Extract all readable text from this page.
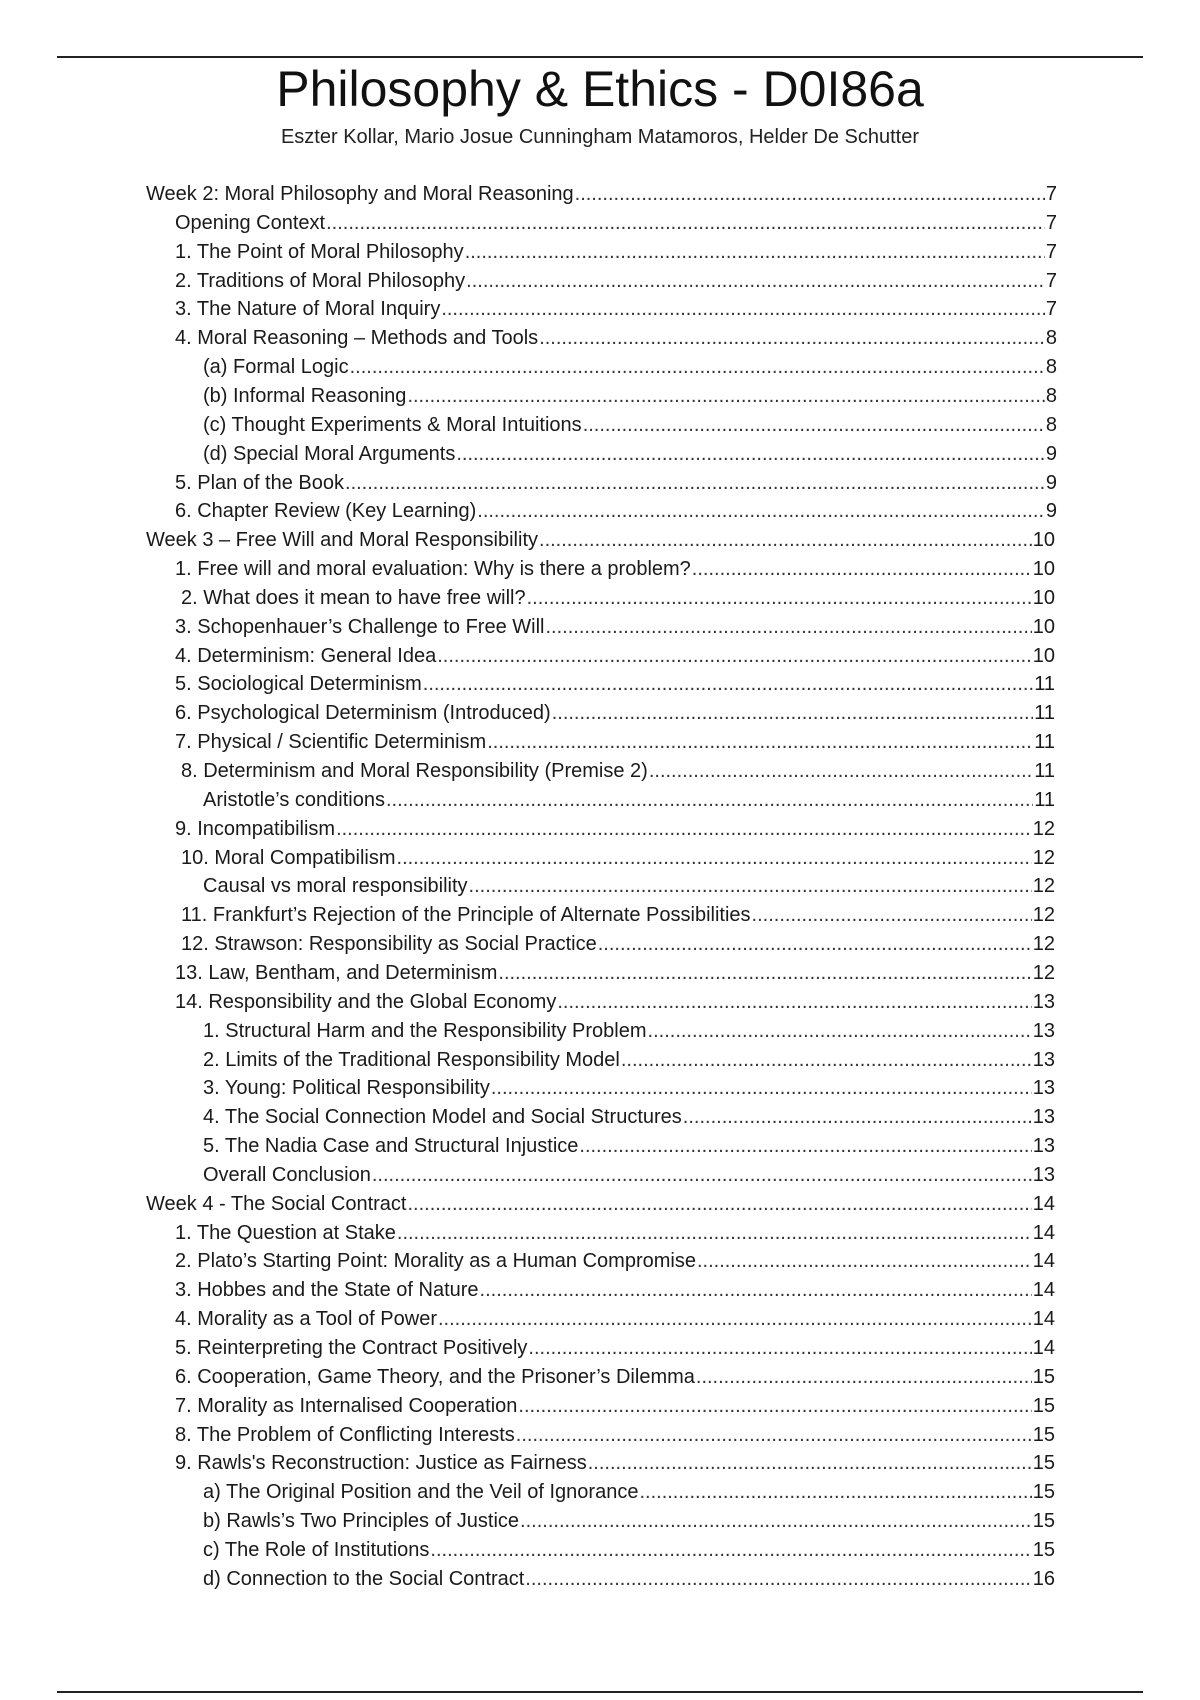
Philosophy & Ethics - D0I86a
Eszter Kollar, Mario Josue Cunningham Matamoros, Helder De Schutter
Week 2: Moral Philosophy and Moral Reasoning .....	7
Opening Context .....	7
1. The Point of Moral Philosophy .....	7
2. Traditions of Moral Philosophy .....	7
3. The Nature of Moral Inquiry .....	7
4. Moral Reasoning – Methods and Tools .....	8
(a) Formal Logic .....	8
(b) Informal Reasoning .....	8
(c) Thought Experiments & Moral Intuitions .....	8
(d) Special Moral Arguments .....	9
5. Plan of the Book .....	9
6. Chapter Review (Key Learning) .....	9
Week 3 – Free Will and Moral Responsibility .....	10
1. Free will and moral evaluation: Why is there a problem? .....	10
2. What does it mean to have free will? .....	10
3. Schopenhauer’s Challenge to Free Will .....	10
4. Determinism: General Idea .....	10
5. Sociological Determinism .....	11
6. Psychological Determinism (Introduced) .....	11
7. Physical / Scientific Determinism .....	11
8. Determinism and Moral Responsibility (Premise 2) .....	11
Aristotle’s conditions .....	11
9. Incompatibilism .....	12
10. Moral Compatibilism .....	12
Causal vs moral responsibility .....	12
11. Frankfurt’s Rejection of the Principle of Alternate Possibilities .....	12
12. Strawson: Responsibility as Social Practice .....	12
13. Law, Bentham, and Determinism .....	12
14. Responsibility and the Global Economy .....	13
1. Structural Harm and the Responsibility Problem .....	13
2. Limits of the Traditional Responsibility Model .....	13
3. Young: Political Responsibility .....	13
4. The Social Connection Model and Social Structures .....	13
5. The Nadia Case and Structural Injustice .....	13
Overall Conclusion .....	13
Week 4 - The Social Contract .....	14
1. The Question at Stake .....	14
2. Plato’s Starting Point: Morality as a Human Compromise .....	14
3. Hobbes and the State of Nature .....	14
4. Morality as a Tool of Power .....	14
5. Reinterpreting the Contract Positively .....	14
6. Cooperation, Game Theory, and the Prisoner’s Dilemma .....	15
7. Morality as Internalised Cooperation .....	15
8. The Problem of Conflicting Interests .....	15
9. Rawls's Reconstruction: Justice as Fairness .....	15
a) The Original Position and the Veil of Ignorance .....	15
b) Rawls’s Two Principles of Justice .....	15
c) The Role of Institutions .....	15
d) Connection to the Social Contract .....	16
